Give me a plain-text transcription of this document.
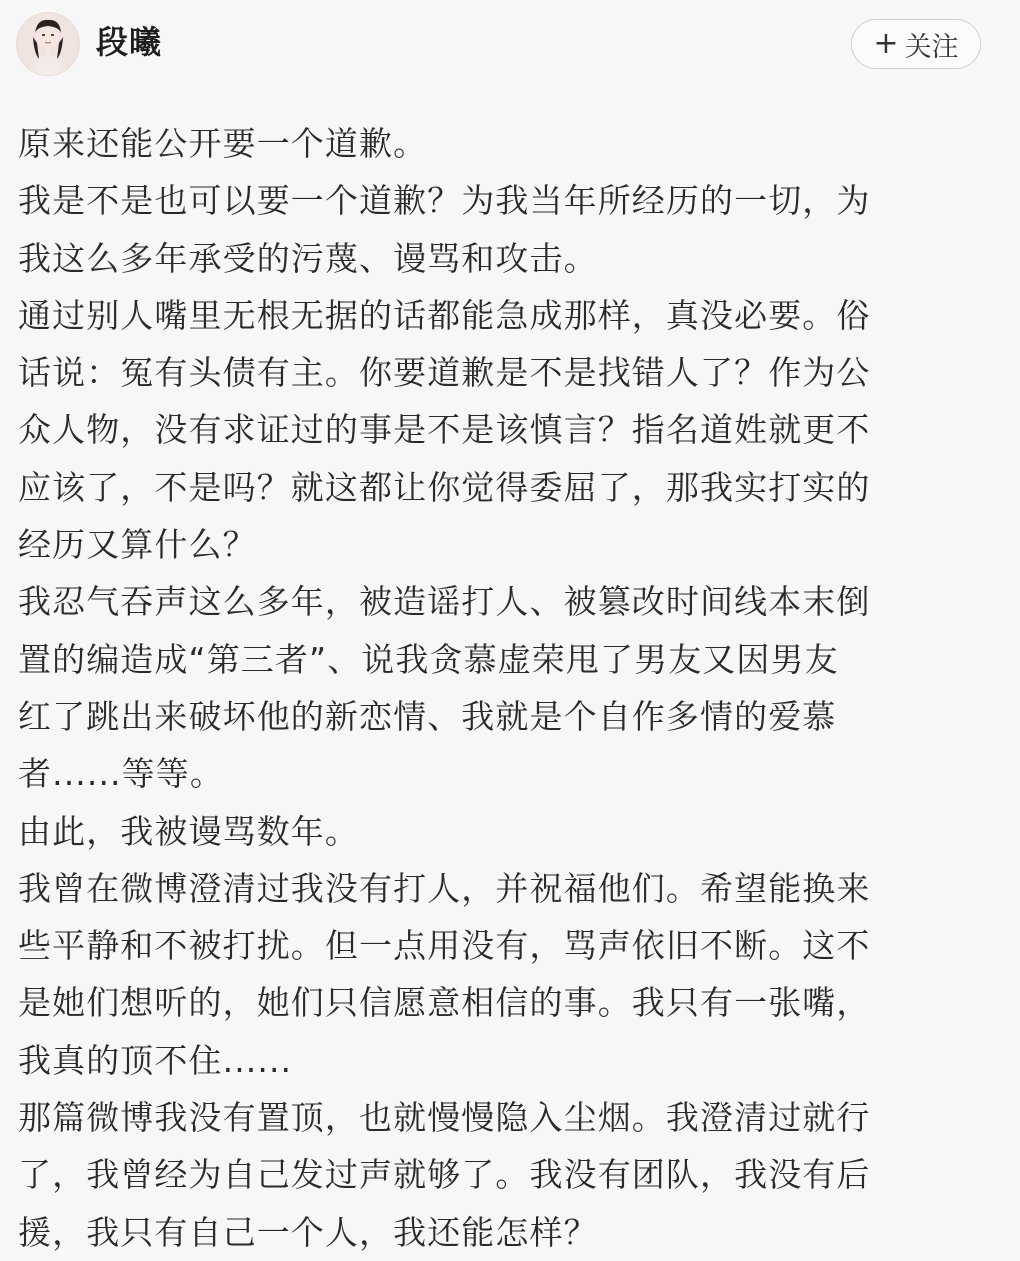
段曦	+ 关注

原来还能公开要一个道歉。

我是不是也可以要一个道歉？为我当年所经历的一切，为
我这么多年承受的污蔑、谩骂和攻击。

通过别人嘴里无根无据的话都能急成那样，真没必要。俗
话说：冤有头债有主。你要道歉是不是找错人了？作为公
众人物，没有求证过的事是不是该慎言？指名道姓就更不
应该了，不是吗？就这都让你觉得委屈了，那我实打实的
经历又算什么？

我忍气吞声这么多年，被造谣打人、被篡改时间线本末倒
置的编造成“第三者”、说我贪慕虚荣甩了男友又因男友
红了跳出来破坏他的新恋情、我就是个自作多情的爱慕
者......等等。

由此，我被谩骂数年。

我曾在微博澄清过我没有打人，并祝福他们。希望能换来
些平静和不被打扰。但一点用没有，骂声依旧不断。这不
是她们想听的，她们只信愿意相信的事。我只有一张嘴，
我真的顶不住......

那篇微博我没有置顶，也就慢慢隐入尘烟。我澄清过就行
了，我曾经为自己发过声就够了。我没有团队，我没有后
援，我只有自己一个人，我还能怎样？
